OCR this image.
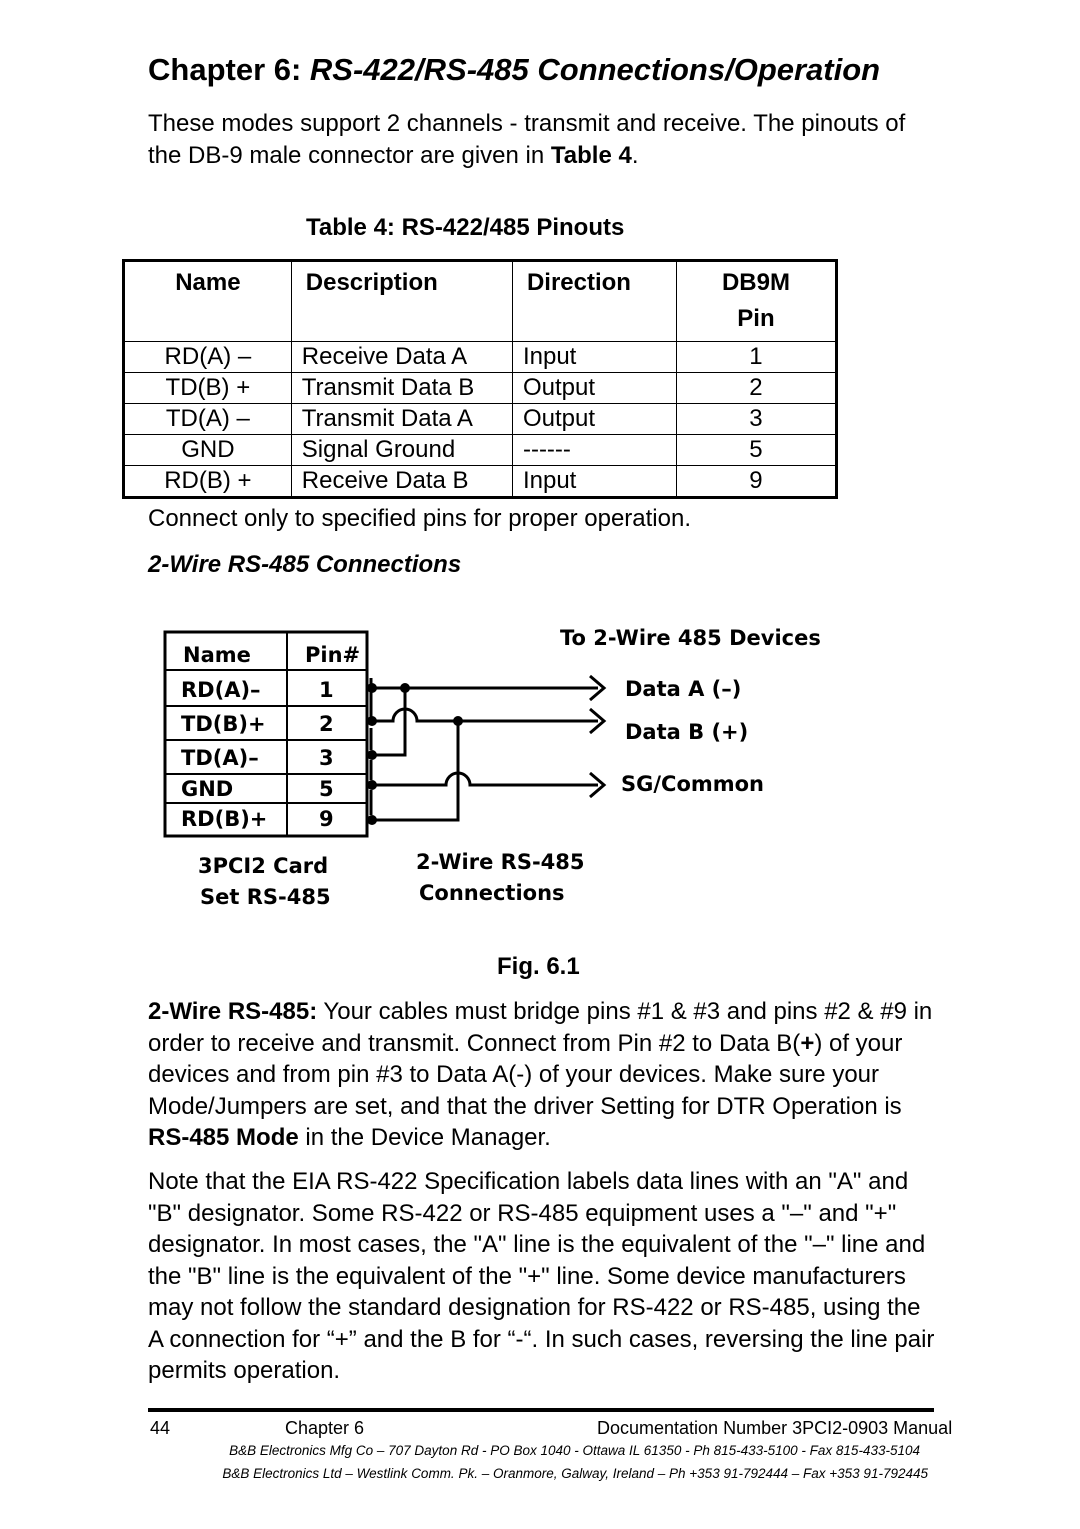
Chapter 6: RS-422/RS-485 Connections/Operation
These modes support 2 channels - transmit and receive. The pinouts of the DB-9 male connector are given in Table 4.
Table 4: RS-422/485 Pinouts
Name	Description	Direction	DB9M
Pin
RD(A) –	Receive Data A	Input	1
TD(B) +	Transmit Data B	Output	2
TD(A) –	Transmit Data A	Output	3
GND	Signal Ground	------	5
RD(B) +	Receive Data B	Input	9
Connect only to specified pins for proper operation.
2-Wire RS-485 Connections
Name	Pin#
RD(A)–	1
TD(B)+	2
TD(A)–	3
GND	5
RD(B)+ 9
To 2-Wire 485 Devices
Data A (–)
Data B (+)
SG/Common
3PCI2 Card
Set RS-485
2-Wire RS-485
Connections
Fig. 6.1
2-Wire RS-485: Your cables must bridge pins #1 & #3 and pins #2 & #9 in order to receive and transmit. Connect from Pin #2 to Data B(+) of your devices and from pin #3 to Data A(-) of your devices. Make sure your Mode/Jumpers are set, and that the driver Setting for DTR Operation is RS-485 Mode in the Device Manager.
Note that the EIA RS-422 Specification labels data lines with an "A" and "B" designator. Some RS-422 or RS-485 equipment uses a "–" and "+" designator. In most cases, the "A" line is the equivalent of the "–" line and the "B" line is the equivalent of the "+" line. Some device manufacturers may not follow the standard designation for RS-422 or RS-485, using the A connection for “+” and the B for “-“. In such cases, reversing the line pair permits operation.
44	Chapter 6	Documentation Number 3PCI2-0903 Manual
B&B Electronics Mfg Co – 707 Dayton Rd - PO Box 1040 - Ottawa IL 61350 - Ph 815-433-5100 - Fax 815-433-5104
B&B Electronics Ltd – Westlink Comm. Pk. – Oranmore, Galway, Ireland – Ph +353 91-792444 – Fax +353 91-792445
